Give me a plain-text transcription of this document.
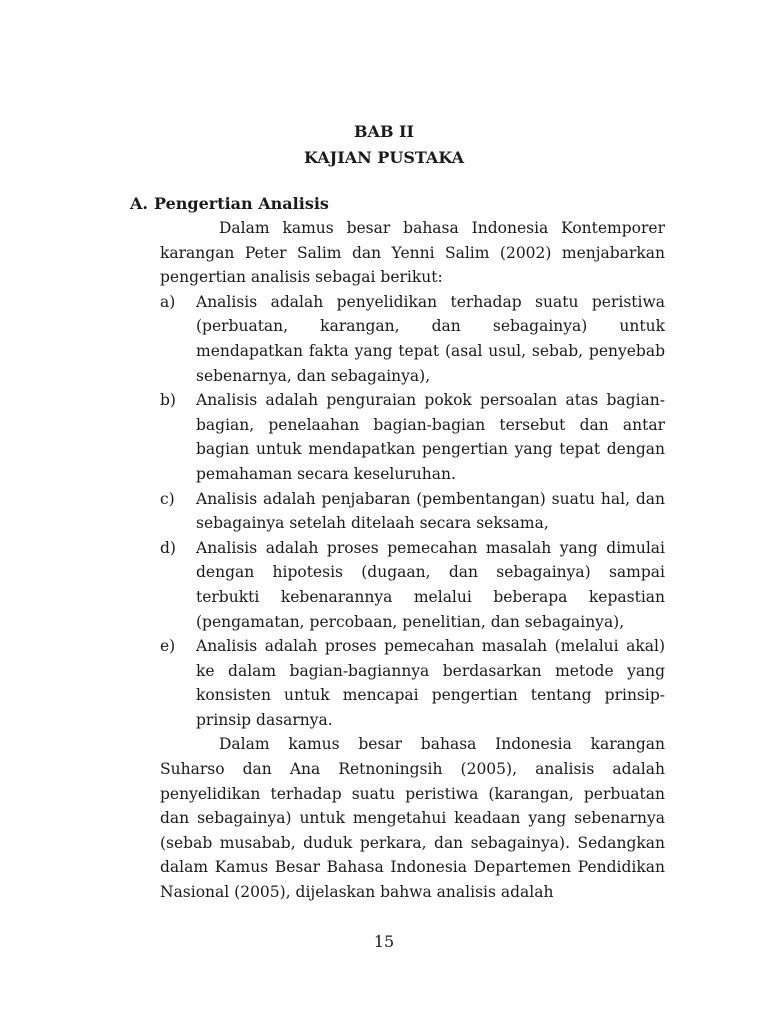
BAB II
KAJIAN PUSTAKA
A. Pengertian Analisis

Dalam kamus besar bahasa Indonesia Kontemporer karangan Peter Salim dan Yenni Salim (2002) menjabarkan pengertian analisis sebagai berikut:

a) Analisis adalah penyelidikan terhadap suatu peristiwa (perbuatan, karangan, dan sebagainya) untuk mendapatkan fakta yang tepat (asal usul, sebab, penyebab sebenarnya, dan sebagainya),
b) Analisis adalah penguraian pokok persoalan atas bagian-bagian, penelaahan bagian-bagian tersebut dan antar bagian untuk mendapatkan pengertian yang tepat dengan pemahaman secara keseluruhan.
c) Analisis adalah penjabaran (pembentangan) suatu hal, dan sebagainya setelah ditelaah secara seksama,
d) Analisis adalah proses pemecahan masalah yang dimulai dengan hipotesis (dugaan, dan sebagainya) sampai terbukti kebenarannya melalui beberapa kepastian (pengamatan, percobaan, penelitian, dan sebagainya),
e) Analisis adalah proses pemecahan masalah (melalui akal) ke dalam bagian-bagiannya berdasarkan metode yang konsisten untuk mencapai pengertian tentang prinsip-prinsip dasarnya.

Dalam kamus besar bahasa Indonesia karangan Suharso dan Ana Retnoningsih (2005), analisis adalah penyelidikan terhadap suatu peristiwa (karangan, perbuatan dan sebagainya) untuk mengetahui keadaan yang sebenarnya (sebab musabab, duduk perkara, dan sebagainya). Sedangkan dalam Kamus Besar Bahasa Indonesia Departemen Pendidikan Nasional (2005), dijelaskan bahwa analisis adalah

15
